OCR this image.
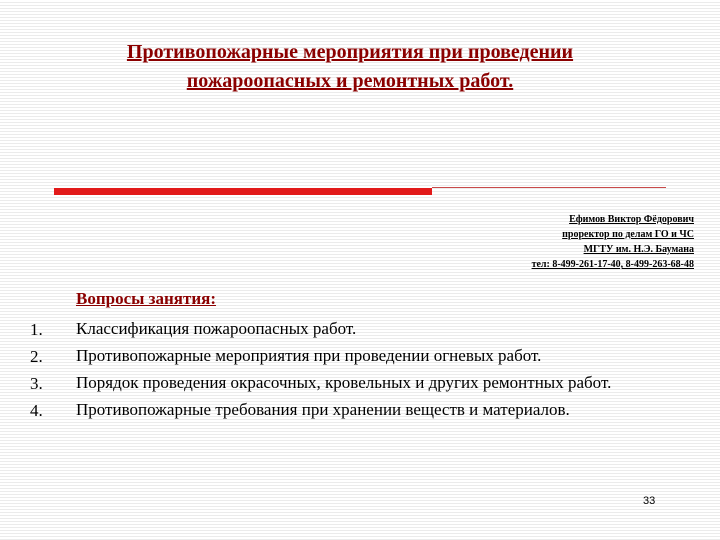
Противопожарные мероприятия при проведении
пожароопасных и ремонтных работ.
Ефимов Виктор Фёдорович
проректор по делам ГО и ЧС
МГТУ им. Н.Э. Баумана
тел: 8-499-261-17-40, 8-499-263-68-48
Вопросы занятия:
1.	Классификация пожароопасных работ.
2.	Противопожарные мероприятия при проведении огневых работ.
3.	Порядок проведения окрасочных, кровельных и других ремонтных работ.
4.	Противопожарные требования при хранении веществ и материалов.
33
